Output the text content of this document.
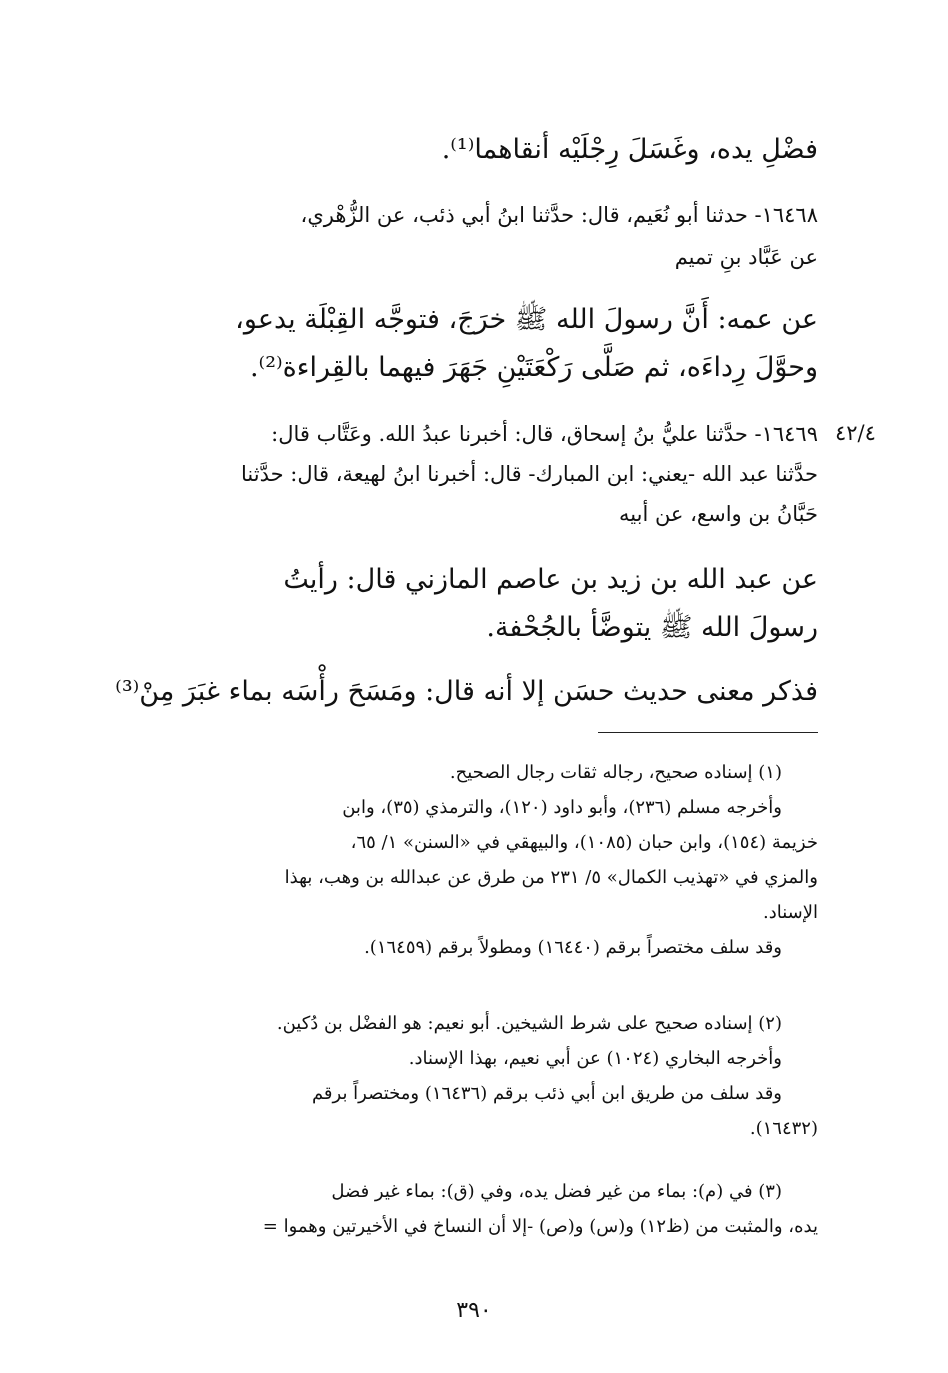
فضْلِ يده، وغَسَلَ رِجْلَيْه أنقاهما⁽¹⁾.

١٦٤٦٨- حدثنا أبو نُعَيم، قال: حدَّثنا ابنُ أبي ذئب، عن الزُّهْري،
عن عَبَّاد بنِ تميم
عن عمه: أَنَّ رسولَ الله ﷺ خرَجَ، فتوجَّه القِبْلَة يدعو،
وحوَّلَ رِداءَه، ثم صَلَّى رَكْعَتَيْنِ جَهَرَ فيهما بالقِراءة⁽²⁾.
٤٢/٤
١٦٤٦٩- حدَّثنا عليُّ بنُ إسحاق، قال: أخبرنا عبدُ الله. وعَتَّاب قال:
حدَّثنا عبد الله -يعني: ابن المبارك- قال: أخبرنا ابنُ لهيعة، قال: حدَّثنا
حَبَّانُ بن واسع، عن أبيه
عن عبد الله بن زيد بن عاصم المازني قال: رأيتُ
رسولَ الله ﷺ يتوضَّأ بالجُحْفة.
فذكر معنى حديث حسَن إلا أنه قال: ومَسَحَ رأْسَه بماء غبَرَ مِنْ⁽³⁾
(١) إسناده صحيح، رجاله ثقات رجال الصحيح.
وأخرجه مسلم (٢٣٦)، وأبو داود (١٢٠)، والترمذي (٣٥)، وابن
خزيمة (١٥٤)، وابن حبان (١٠٨٥)، والبيهقي في «السنن» ١/ ٦٥،
والمزي في «تهذيب الكمال» ٥/ ٢٣١ من طرق عن عبدالله بن وهب، بهذا
الإسناد.
وقد سلف مختصراً برقم (١٦٤٤٠) ومطولاً برقم (١٦٤٥٩).
(٢) إسناده صحيح على شرط الشيخين. أبو نعيم: هو الفضْل بن دُكين.
وأخرجه البخاري (١٠٢٤) عن أبي نعيم، بهذا الإسناد.
وقد سلف من طريق ابن أبي ذئب برقم (١٦٤٣٦) ومختصراً برقم
(١٦٤٣٢).
(٣) في (م): بماء من غير فضل يده، وفي (ق): بماء غير فضل
يده، والمثبت من (ظ١٢) و(س) و(ص) -إلا أن النساخ في الأخيرتين وهموا =
٣٩٠
